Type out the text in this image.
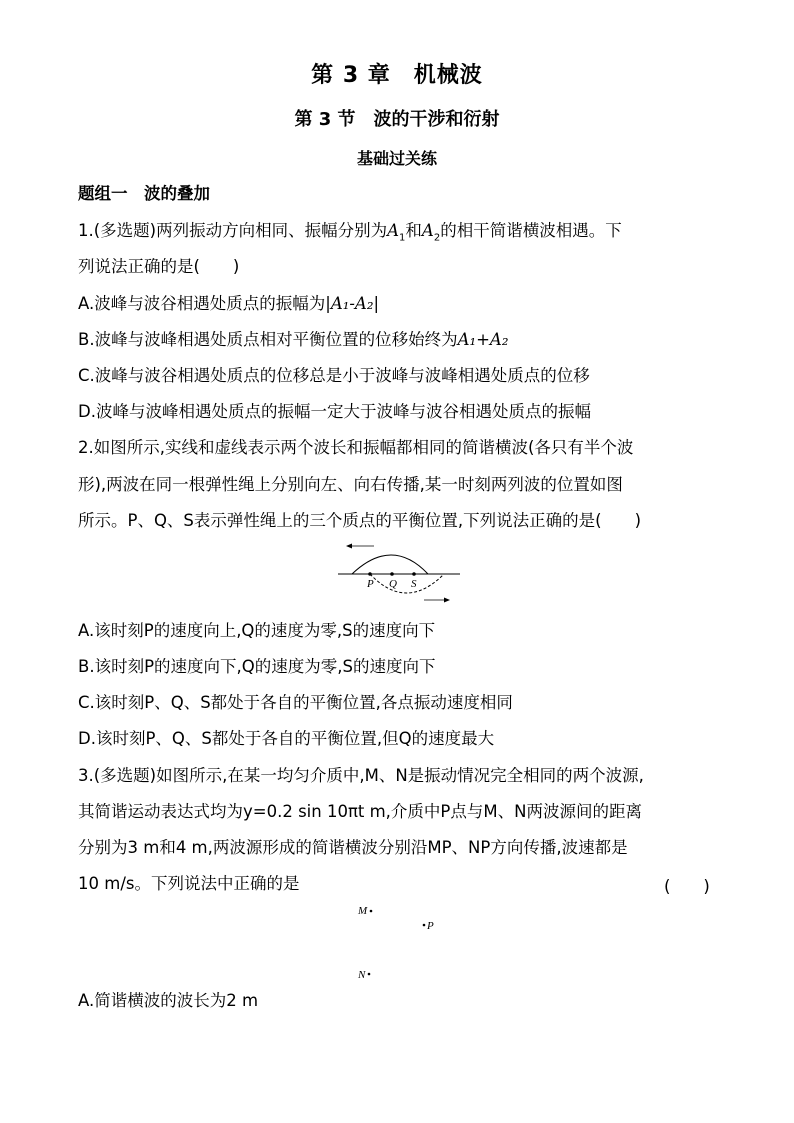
第 3 章　机械波
第 3 节　波的干涉和衍射
基础过关练
题组一　波的叠加
1.(多选题)两列振动方向相同、振幅分别为$A_1$和$A_2$的相干简谐横波相遇。下
列说法正确的是(　　)
A.波峰与波谷相遇处质点的振幅为|A₁-A₂|
B.波峰与波峰相遇处质点相对平衡位置的位移始终为A₁+A₂
C.波峰与波谷相遇处质点的位移总是小于波峰与波峰相遇处质点的位移
D.波峰与波峰相遇处质点的振幅一定大于波峰与波谷相遇处质点的振幅
2.如图所示,实线和虚线表示两个波长和振幅都相同的简谐横波(各只有半个波
形),两波在同一根弹性绳上分别向左、向右传播,某一时刻两列波的位置如图
所示。P、Q、S表示弹性绳上的三个质点的平衡位置,下列说法正确的是(　　)
P Q S
A.该时刻P的速度向上,Q的速度为零,S的速度向下
B.该时刻P的速度向下,Q的速度为零,S的速度向下
C.该时刻P、Q、S都处于各自的平衡位置,各点振动速度相同
D.该时刻P、Q、S都处于各自的平衡位置,但Q的速度最大
3.(多选题)如图所示,在某一均匀介质中,M、N是振动情况完全相同的两个波源,
其简谐运动表达式均为y=0.2 sin 10πt m,介质中P点与M、N两波源间的距离
分别为3 m和4 m,两波源形成的简谐横波分别沿MP、NP方向传播,波速都是
10 m/s。下列说法中正确的是	(　　)
M
P
N
A.简谐横波的波长为2 m
